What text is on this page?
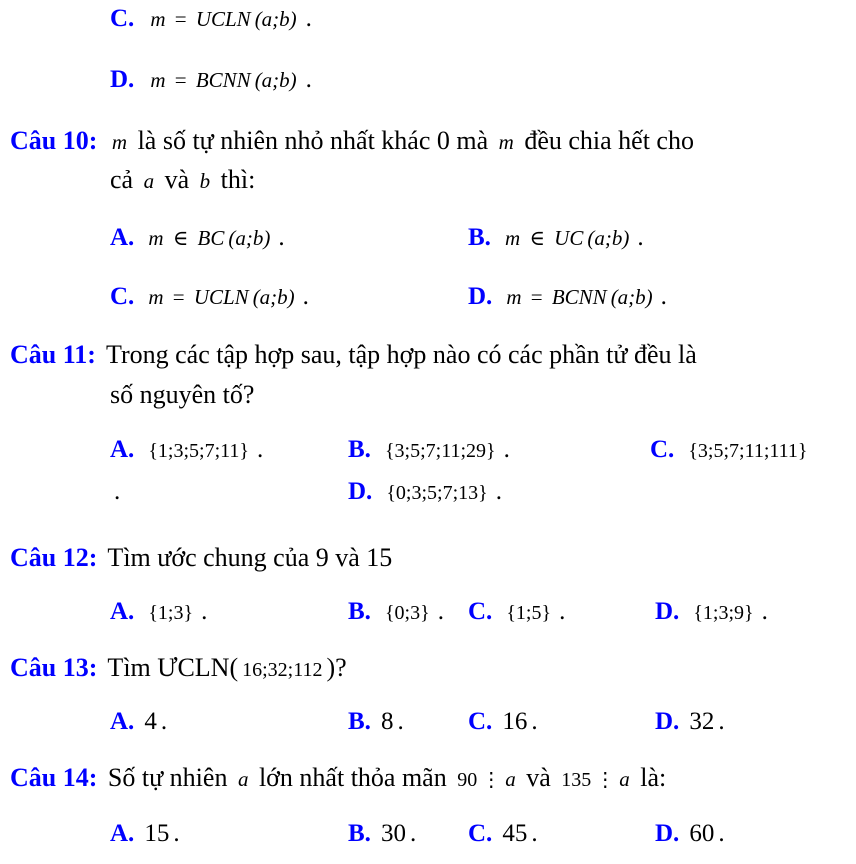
C. m  =  UCLN (a;b) .
D. m  =  BCNN (a;b) .
Câu 10: m  là số tự nhiên nhỏ nhất khác 0 mà  m  đều chia hết cho
cả  a  và  b  thì:
A. m  ∈  BC (a;b) .	B. m  ∈  UC (a;b) .
C. m  =  UCLN (a;b) .	D. m  =  BCNN (a;b) .
Câu 11:  Trong các tập hợp sau, tập hợp nào có các phần tử đều là
số nguyên tố?
A. {1;3;5;7;11} .	B. {3;5;7;11;29} .	C. {3;5;7;11;111}
.	D. {0;3;5;7;13} .
Câu 12:  Tìm ước chung của 9 và 15
A. {1;3} .	B. {0;3} . C. {1;5} .	D. {1;3;9} .
Câu 13:  Tìm ƯCLN( 16;32;112 )?
A. 4 .	B. 8 .	C. 16 .	D. 32 .
Câu 14:  Số tự nhiên  a  lớn nhất thỏa mãn  90 ⋮ a  và  135 ⋮ a  là:
A. 15 .	B. 30 . C. 45 .	D. 60 .
